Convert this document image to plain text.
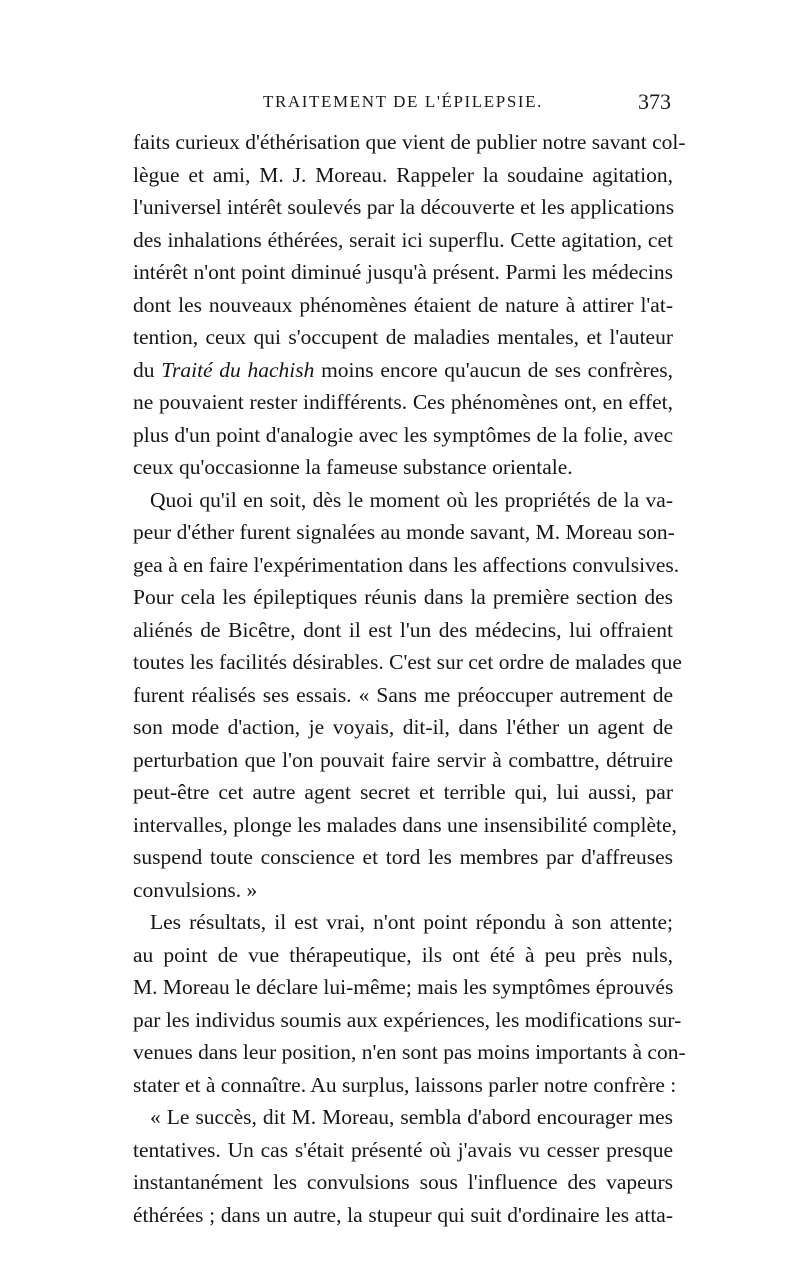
TRAITEMENT DE L'ÉPILEPSIE.	373
faits curieux d'éthérisation que vient de publier notre savant col-
lègue et ami, M. J. Moreau. Rappeler la soudaine agitation,
l'universel intérêt soulevés par la découverte et les applications
des inhalations éthérées, serait ici superflu. Cette agitation, cet
intérêt n'ont point diminué jusqu'à présent. Parmi les médecins
dont les nouveaux phénomènes étaient de nature à attirer l'at-
tention, ceux qui s'occupent de maladies mentales, et l'auteur
du Traité du hachish moins encore qu'aucun de ses confrères,
ne pouvaient rester indifférents. Ces phénomènes ont, en effet,
plus d'un point d'analogie avec les symptômes de la folie, avec
ceux qu'occasionne la fameuse substance orientale.
Quoi qu'il en soit, dès le moment où les propriétés de la va-
peur d'éther furent signalées au monde savant, M. Moreau son-
gea à en faire l'expérimentation dans les affections convulsives.
Pour cela les épileptiques réunis dans la première section des
aliénés de Bicêtre, dont il est l'un des médecins, lui offraient
toutes les facilités désirables. C'est sur cet ordre de malades que
furent réalisés ses essais. « Sans me préoccuper autrement de
son mode d'action, je voyais, dit-il, dans l'éther un agent de
perturbation que l'on pouvait faire servir à combattre, détruire
peut-être cet autre agent secret et terrible qui, lui aussi, par
intervalles, plonge les malades dans une insensibilité complète,
suspend toute conscience et tord les membres par d'affreuses
convulsions. »
Les résultats, il est vrai, n'ont point répondu à son attente;
au point de vue thérapeutique, ils ont été à peu près nuls,
M. Moreau le déclare lui-même; mais les symptômes éprouvés
par les individus soumis aux expériences, les modifications sur-
venues dans leur position, n'en sont pas moins importants à con-
stater et à connaître. Au surplus, laissons parler notre confrère :
« Le succès, dit M. Moreau, sembla d'abord encourager mes
tentatives. Un cas s'était présenté où j'avais vu cesser presque
instantanément les convulsions sous l'influence des vapeurs
éthérées ; dans un autre, la stupeur qui suit d'ordinaire les atta-
